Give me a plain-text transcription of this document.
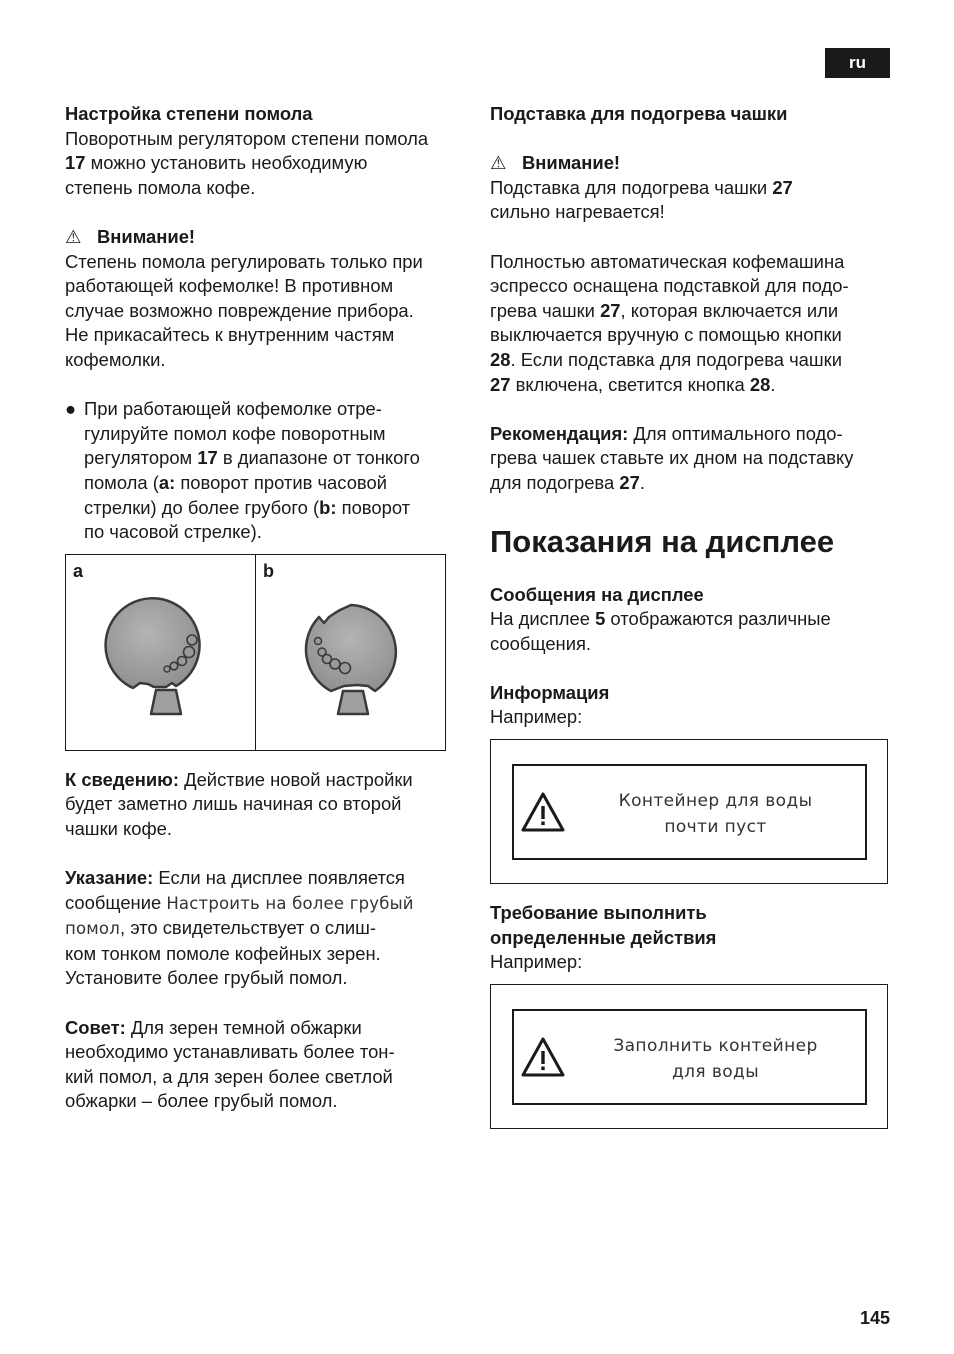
ru

Настройка степени помола

Поворотным регулятором степени помола

17 можно установить необходимую

степень помола кофе.

⚠ Внимание!

Степень помола регулировать только при

работающей кофемолке! В противном

случае возможно повреждение прибора.

Не прикасайтесь к внутренним частям

кофемолки.

● При работающей кофемолке отре-

гулируйте помол кофе поворотным

регулятором 17 в диапазоне от тонкого

помола (a: поворот против часовой

стрелки) до более грубого (b: поворот

по часовой стрелке).

a	b

К сведению: Действие новой настройки

будет заметно лишь начиная со второй

чашки кофе.

Указание: Если на дисплее появляется

сообщение Настроить на более грубый

помол, это свидетельствует о слиш-

ком тонком помоле кофейных зерен.

Установите более грубый помол.

Совет: Для зерен темной обжарки

необходимо устанавливать более тон-

кий помол, а для зерен более светлой

обжарки – более грубый помол.

Подставка для подогрева чашки

⚠ Внимание!

Подставка для подогрева чашки 27

сильно нагревается!

Полностью автоматическая кофемашина

эспрессо оснащена подставкой для подо-

грева чашки 27, которая включается или

выключается вручную с помощью кнопки

28. Если подставка для подогрева чашки

27 включена, светится кнопка 28.

Рекомендация: Для оптимального подо-

грева чашек ставьте их дном на подставку

для подогрева 27.

Показания на дисплее

Сообщения на дисплее

На дисплее 5 отображаются различные

сообщения.

Информация

Например:

Контейнер для воды
почти пуст

Требование выполнить

определенные действия

Например:

Заполнить контейнер
для воды
145
